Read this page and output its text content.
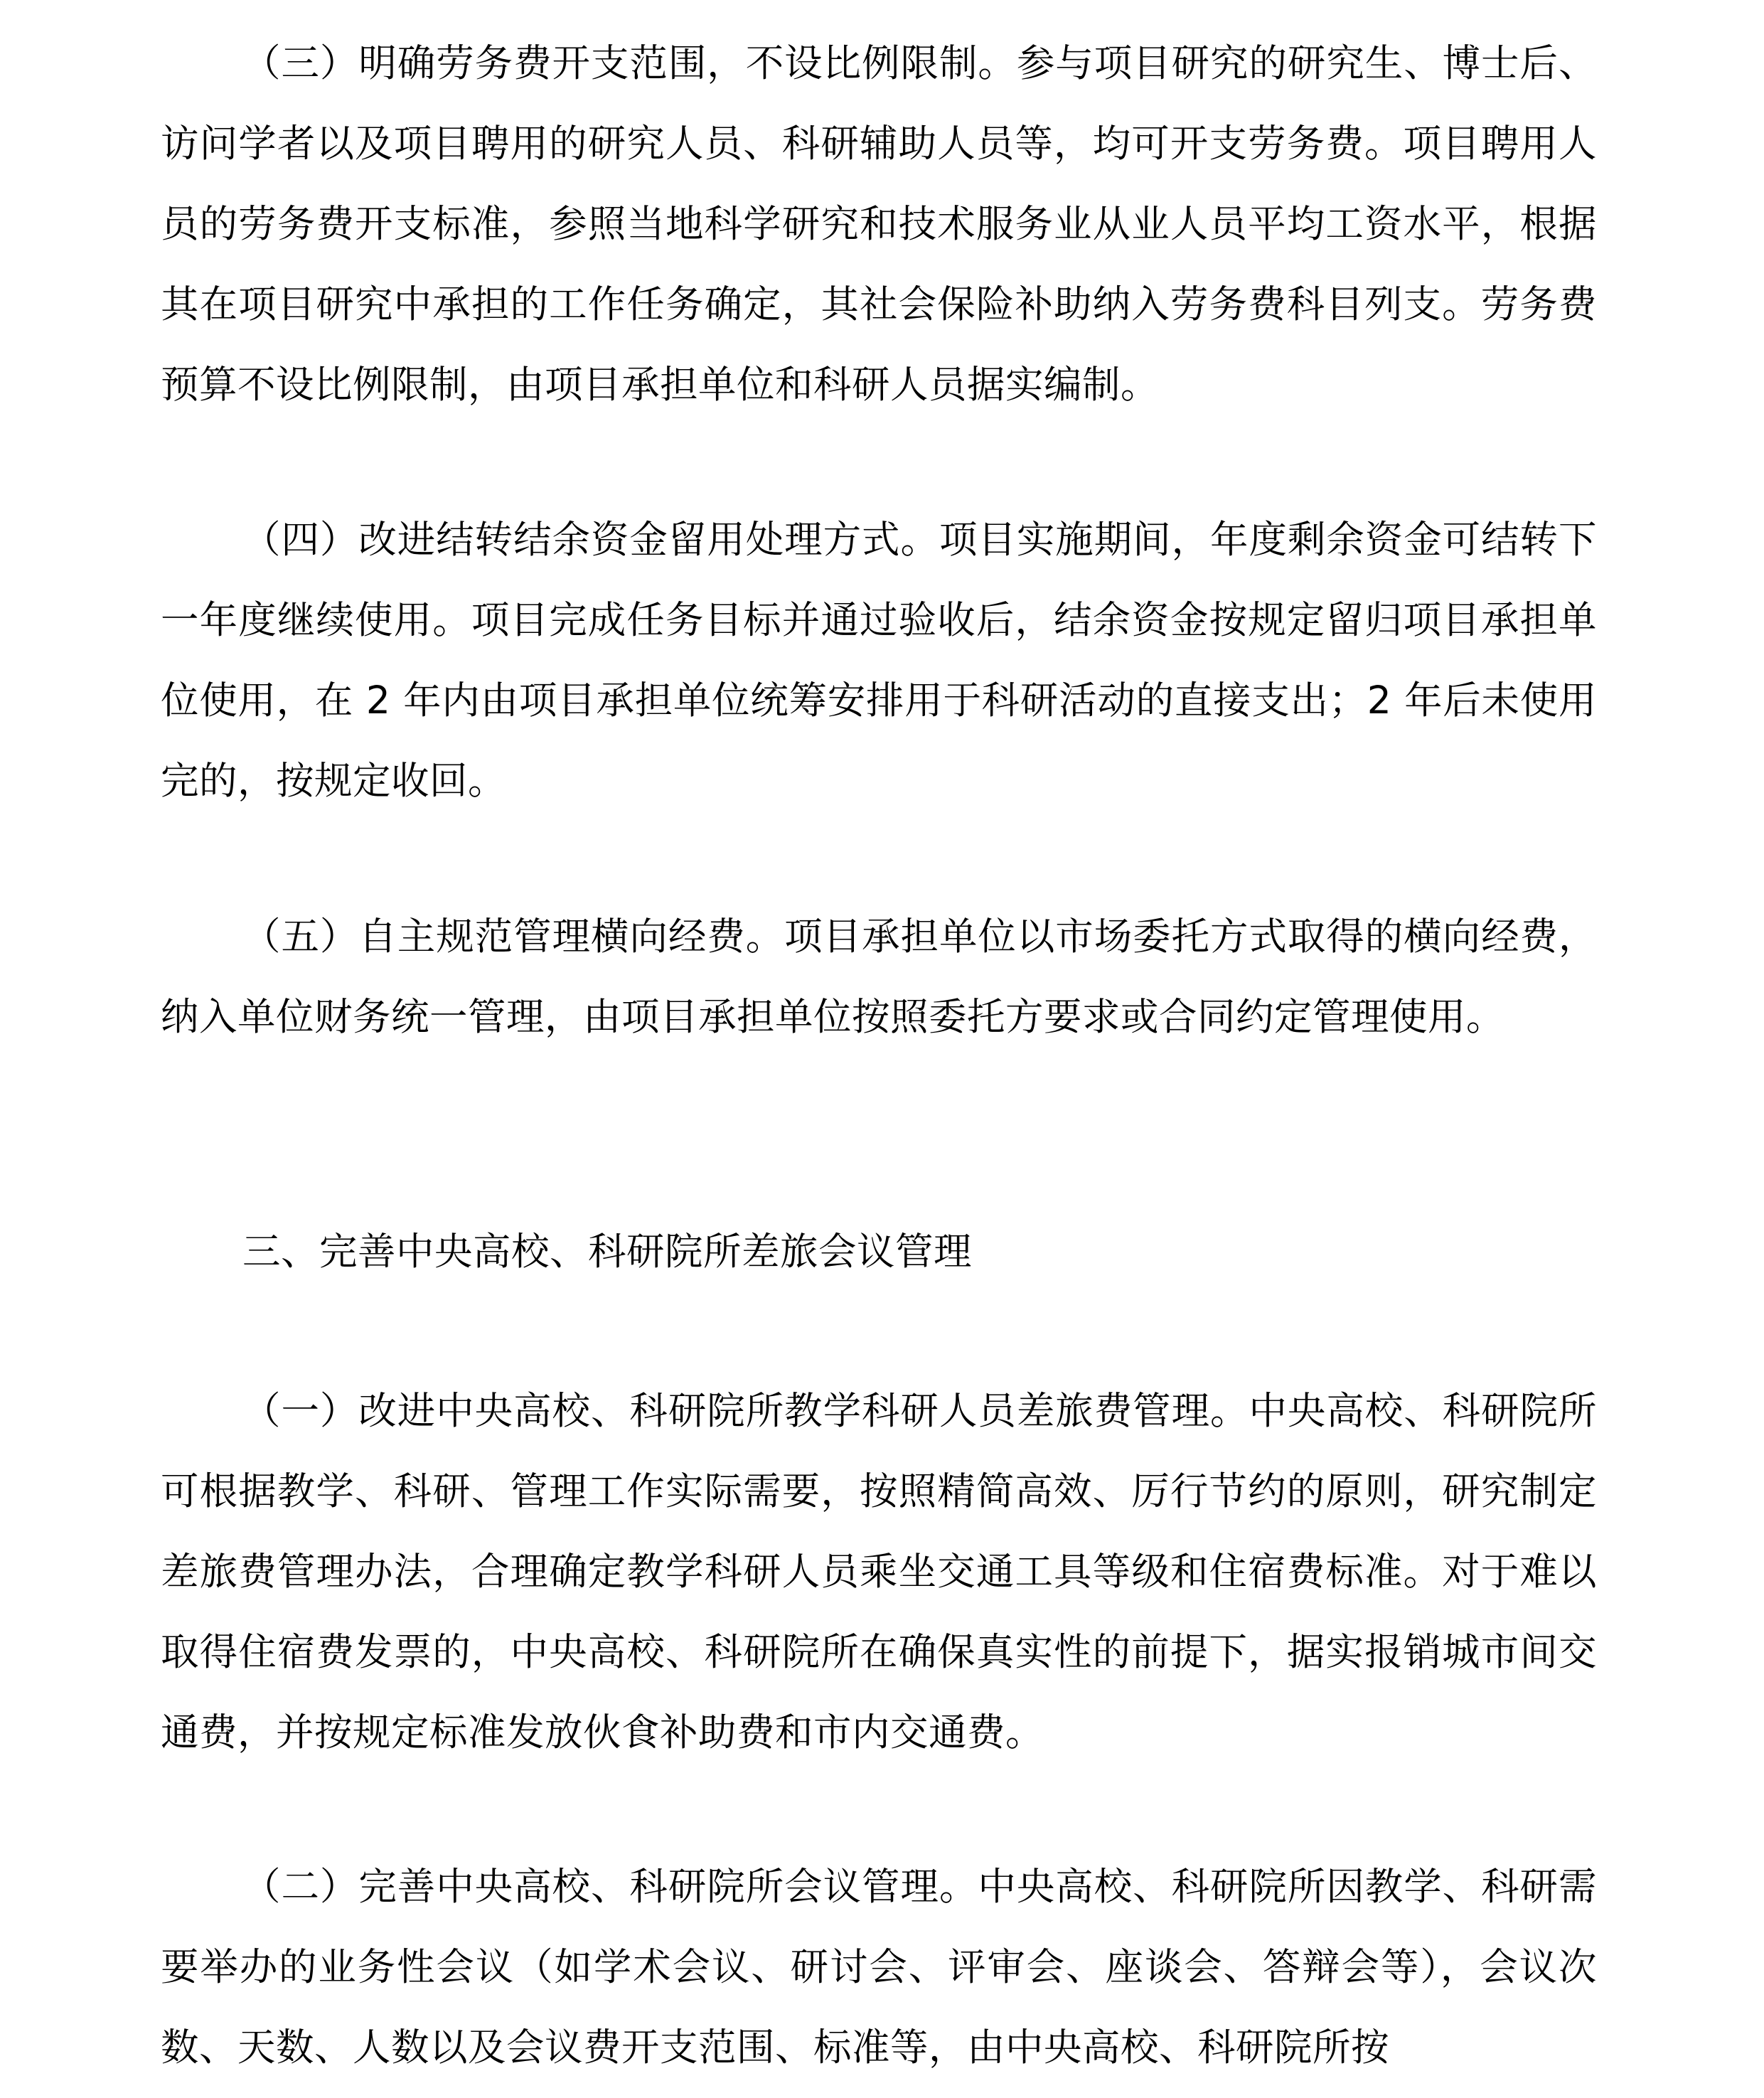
（三）明确劳务费开支范围，不设比例限制。参与项目研究的研究生、博士后、访问学者以及项目聘用的研究人员、科研辅助人员等，均可开支劳务费。项目聘用人员的劳务费开支标准，参照当地科学研究和技术服务业从业人员平均工资水平，根据其在项目研究中承担的工作任务确定，其社会保险补助纳入劳务费科目列支。劳务费预算不设比例限制，由项目承担单位和科研人员据实编制。

（四）改进结转结余资金留用处理方式。项目实施期间，年度剩余资金可结转下一年度继续使用。项目完成任务目标并通过验收后，结余资金按规定留归项目承担单位使用，在 2 年内由项目承担单位统筹安排用于科研活动的直接支出；2 年后未使用完的，按规定收回。

（五）自主规范管理横向经费。项目承担单位以市场委托方式取得的横向经费，纳入单位财务统一管理，由项目承担单位按照委托方要求或合同约定管理使用。

三、完善中央高校、科研院所差旅会议管理

（一）改进中央高校、科研院所教学科研人员差旅费管理。中央高校、科研院所可根据教学、科研、管理工作实际需要，按照精简高效、厉行节约的原则，研究制定差旅费管理办法，合理确定教学科研人员乘坐交通工具等级和住宿费标准。对于难以取得住宿费发票的，中央高校、科研院所在确保真实性的前提下，据实报销城市间交通费，并按规定标准发放伙食补助费和市内交通费。

（二）完善中央高校、科研院所会议管理。中央高校、科研院所因教学、科研需要举办的业务性会议（如学术会议、研讨会、评审会、座谈会、答辩会等），会议次数、天数、人数以及会议费开支范围、标准等，由中央高校、科研院所按
